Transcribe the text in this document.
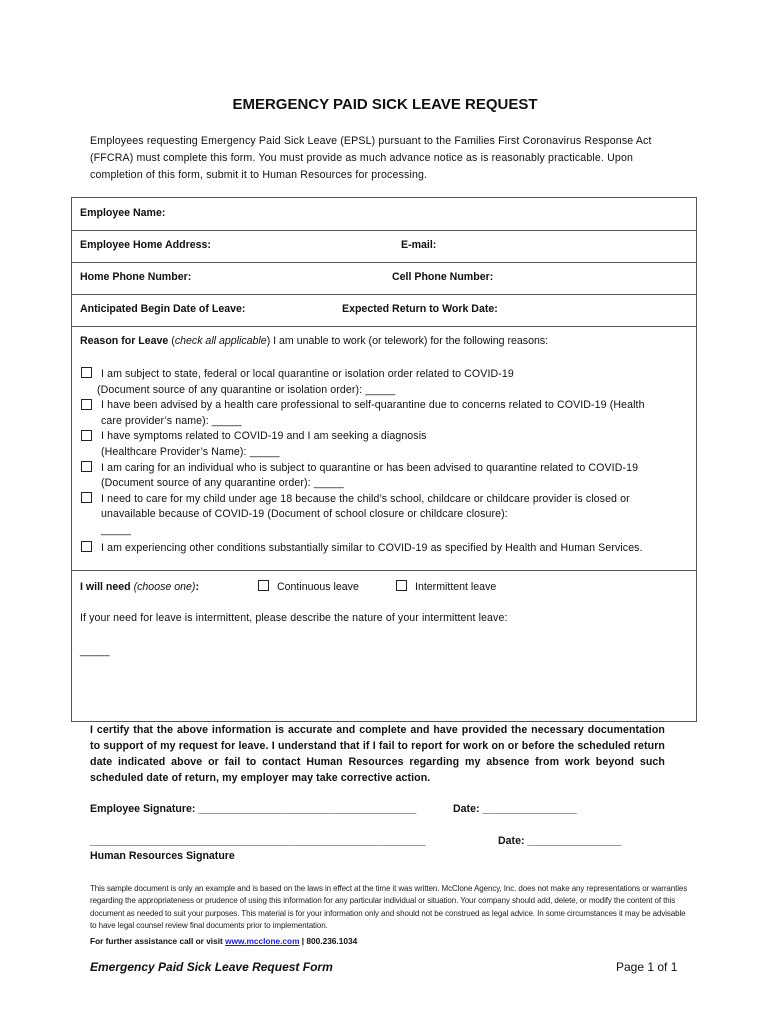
EMERGENCY PAID SICK LEAVE REQUEST
Employees requesting Emergency Paid Sick Leave (EPSL) pursuant to the Families First Coronavirus Response Act (FFCRA) must complete this form. You must provide as much advance notice as is reasonably practicable. Upon completion of this form, submit it to Human Resources for processing.
Employee Name:
Employee Home Address:	E-mail:
Home Phone Number:	Cell Phone Number:
Anticipated Begin Date of Leave:	Expected Return to Work Date:
Reason for Leave (check all applicable) I am unable to work (or telework) for the following reasons:
I am subject to state, federal or local quarantine or isolation order related to COVID-19
(Document source of any quarantine or isolation order): _____
I have been advised by a health care professional to self-quarantine due to concerns related to COVID-19 (Health
care provider’s name): _____
I have symptoms related to COVID-19 and I am seeking a diagnosis
(Healthcare Provider’s Name): _____
I am caring for an individual who is subject to quarantine or has been advised to quarantine related to COVID-19
(Document source of any quarantine order): _____
I need to care for my child under age 18 because the child’s school, childcare or childcare provider is closed or
unavailable because of COVID-19 (Document of school closure or childcare closure):
_____
I am experiencing other conditions substantially similar to COVID-19 as specified by Health and Human Services.
I will need (choose one):	Continuous leave	Intermittent leave
If your need for leave is intermittent, please describe the nature of your intermittent leave:
_____
I certify that the above information is accurate and complete and have provided the necessary documentation to support of my request for leave. I understand that if I fail to report for work on or before the scheduled return date indicated above or fail to contact Human Resources regarding my absence from work beyond such scheduled date of return, my employer may take corrective action.
Employee Signature: _____________________________________	Date: ________________
_________________________________________________________	Date: ________________
Human Resources Signature
This sample document is only an example and is based on the laws in effect at the time it was written. McClone Agency, Inc. does not make any representations or warranties regarding the appropriateness or prudence of using this information for any particular individual or situation. Your company should add, delete, or modify the content of this document as needed to suit your purposes. This material is for your information only and should not be construed as legal advice. In some circumstances it may be advisable to have legal counsel review final documents prior to implementation.
For further assistance call or visit www.mcclone.com | 800.236.1034
Emergency Paid Sick Leave Request Form	Page 1 of 1
